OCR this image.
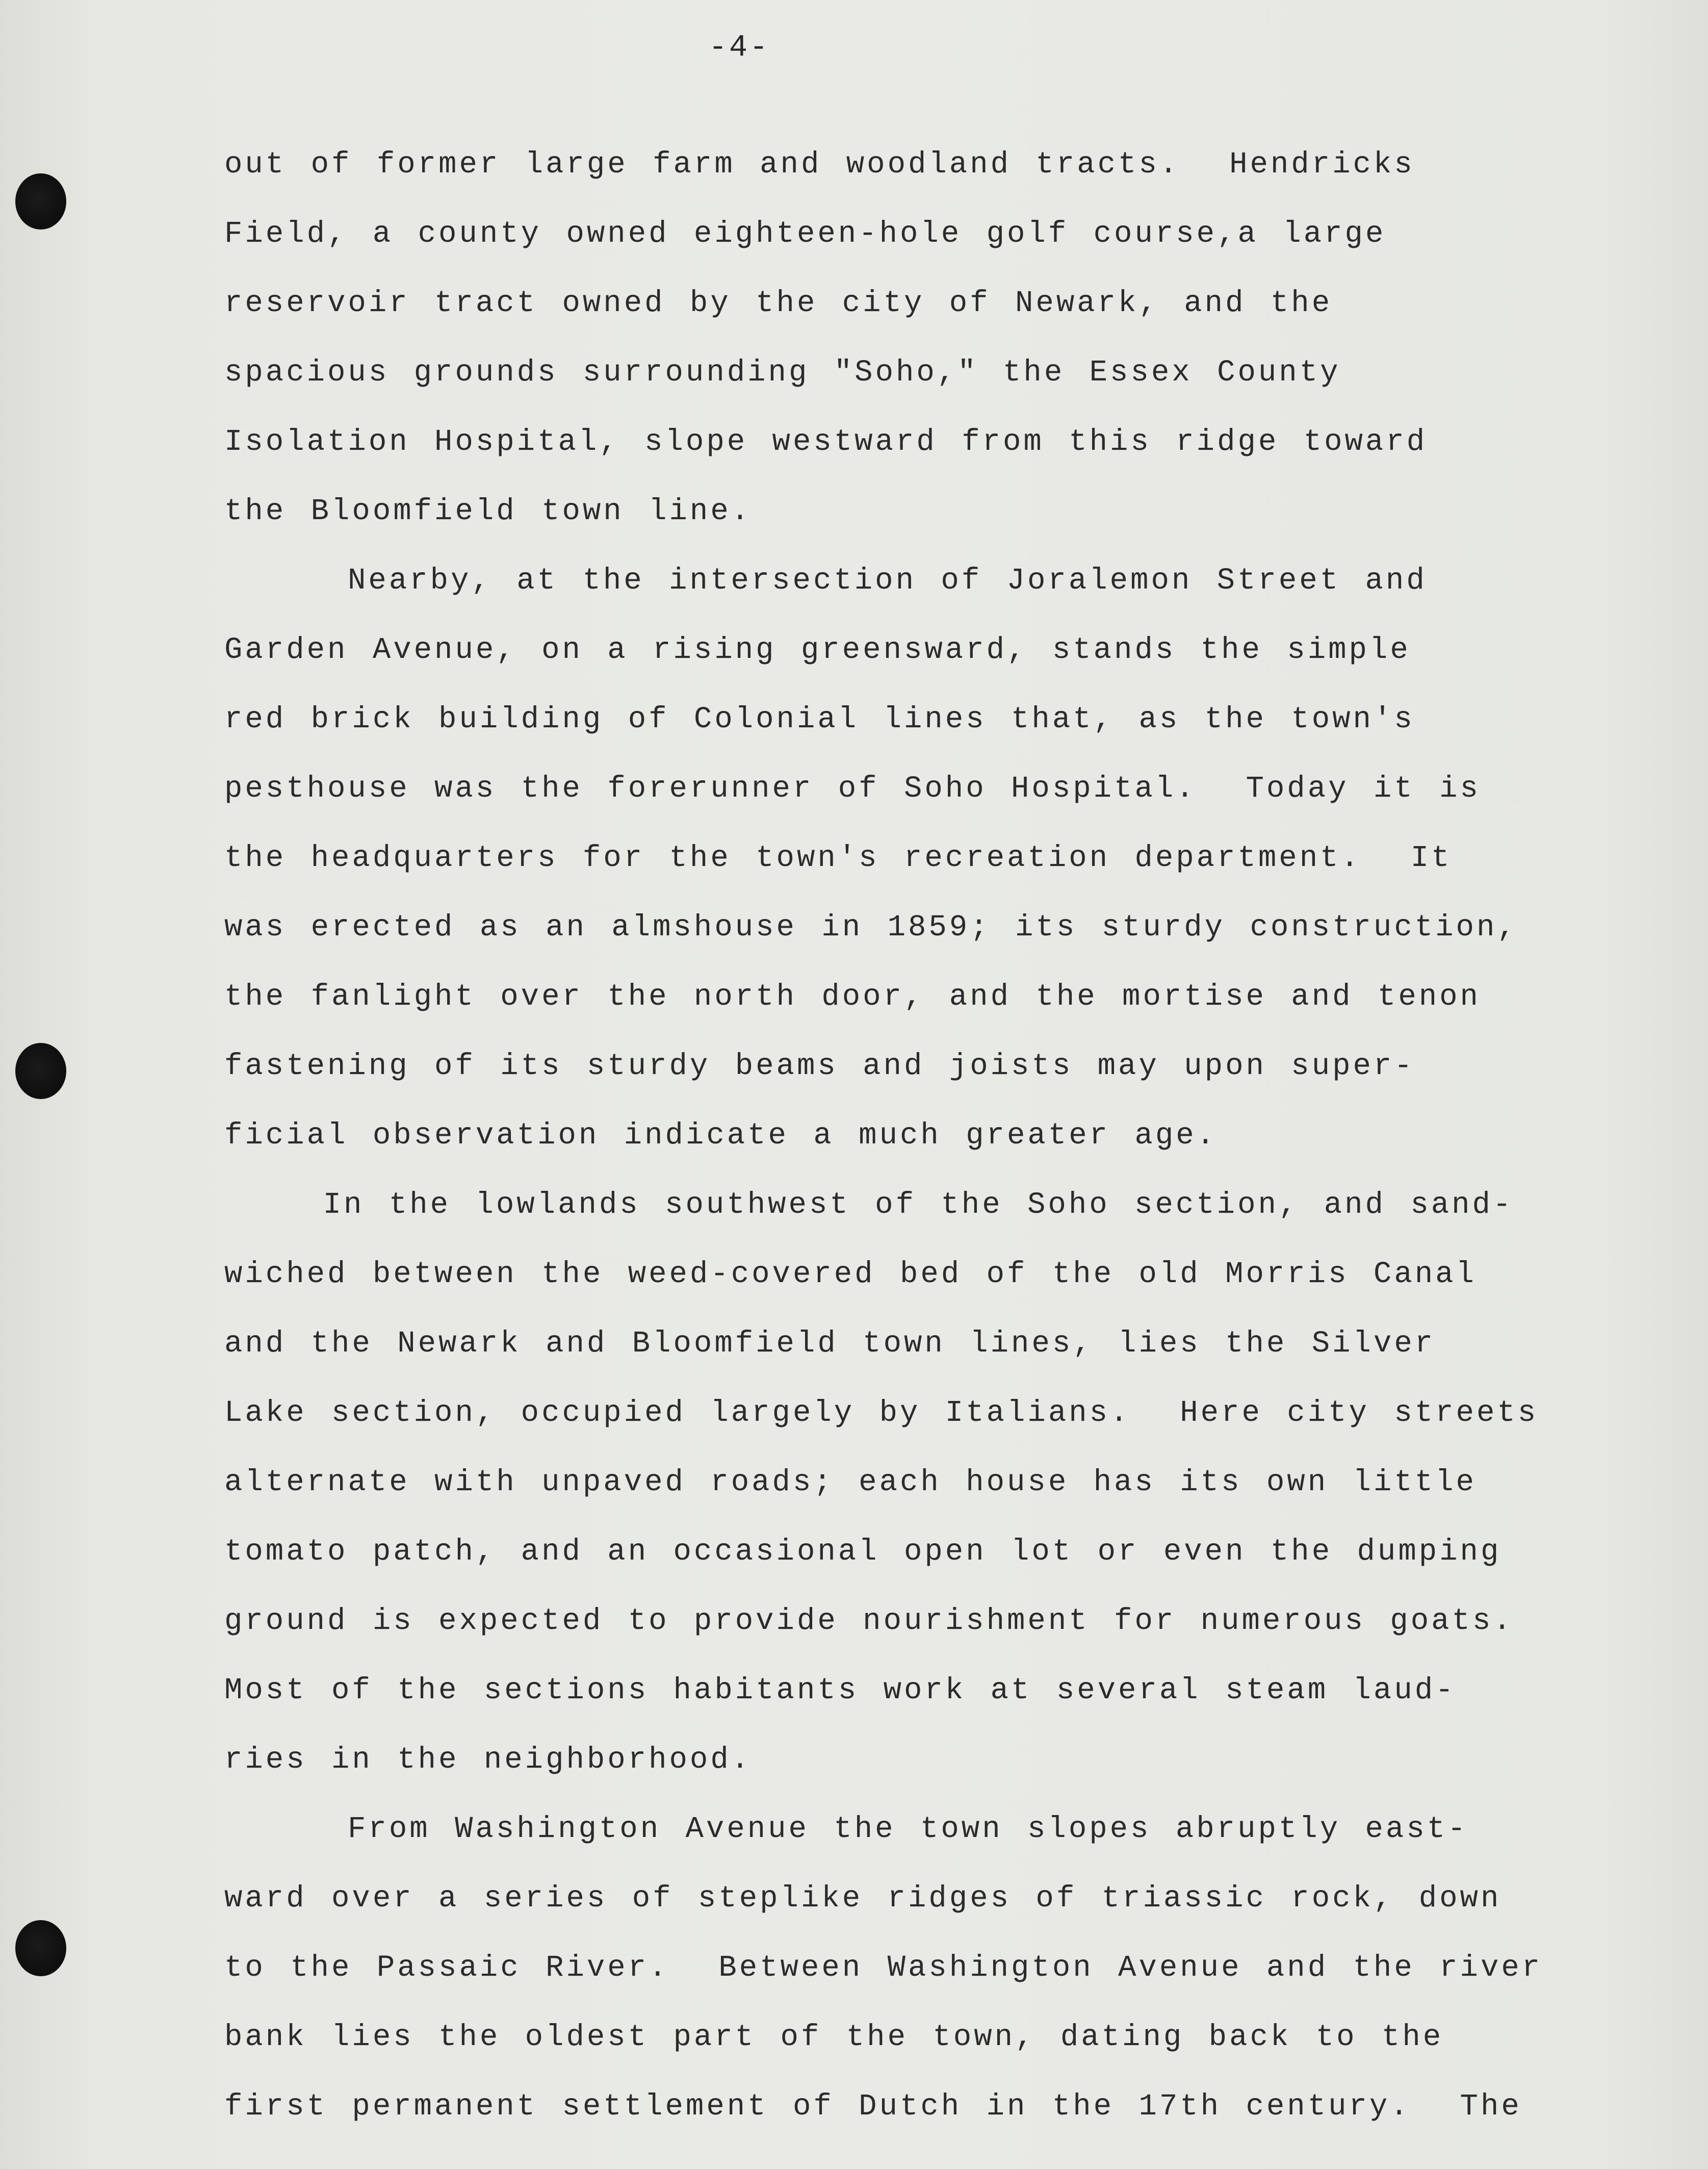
-4-
out of former large farm and woodland tracts.  Hendricks
Field, a county owned eighteen-hole golf course,a large
reservoir tract owned by the city of Newark, and the
spacious grounds surrounding "Soho," the Essex County
Isolation Hospital, slope westward from this ridge toward
the Bloomfield town line.
Nearby, at the intersection of Joralemon Street and
Garden Avenue, on a rising greensward, stands the simple
red brick building of Colonial lines that, as the town's
pesthouse was the forerunner of Soho Hospital.  Today it is
the headquarters for the town's recreation department.  It
was erected as an almshouse in 1859; its sturdy construction,
the fanlight over the north door, and the mortise and tenon
fastening of its sturdy beams and joists may upon super-
ficial observation indicate a much greater age.
In the lowlands southwest of the Soho section, and sand-
wiched between the weed-covered bed of the old Morris Canal
and the Newark and Bloomfield town lines, lies the Silver
Lake section, occupied largely by Italians.  Here city streets
alternate with unpaved roads; each house has its own little
tomato patch, and an occasional open lot or even the dumping
ground is expected to provide nourishment for numerous goats.
Most of the sections habitants work at several steam laud-
ries in the neighborhood.
From Washington Avenue the town slopes abruptly east-
ward over a series of steplike ridges of triassic rock, down
to the Passaic River.  Between Washington Avenue and the river
bank lies the oldest part of the town, dating back to the
first permanent settlement of Dutch in the 17th century.  The
